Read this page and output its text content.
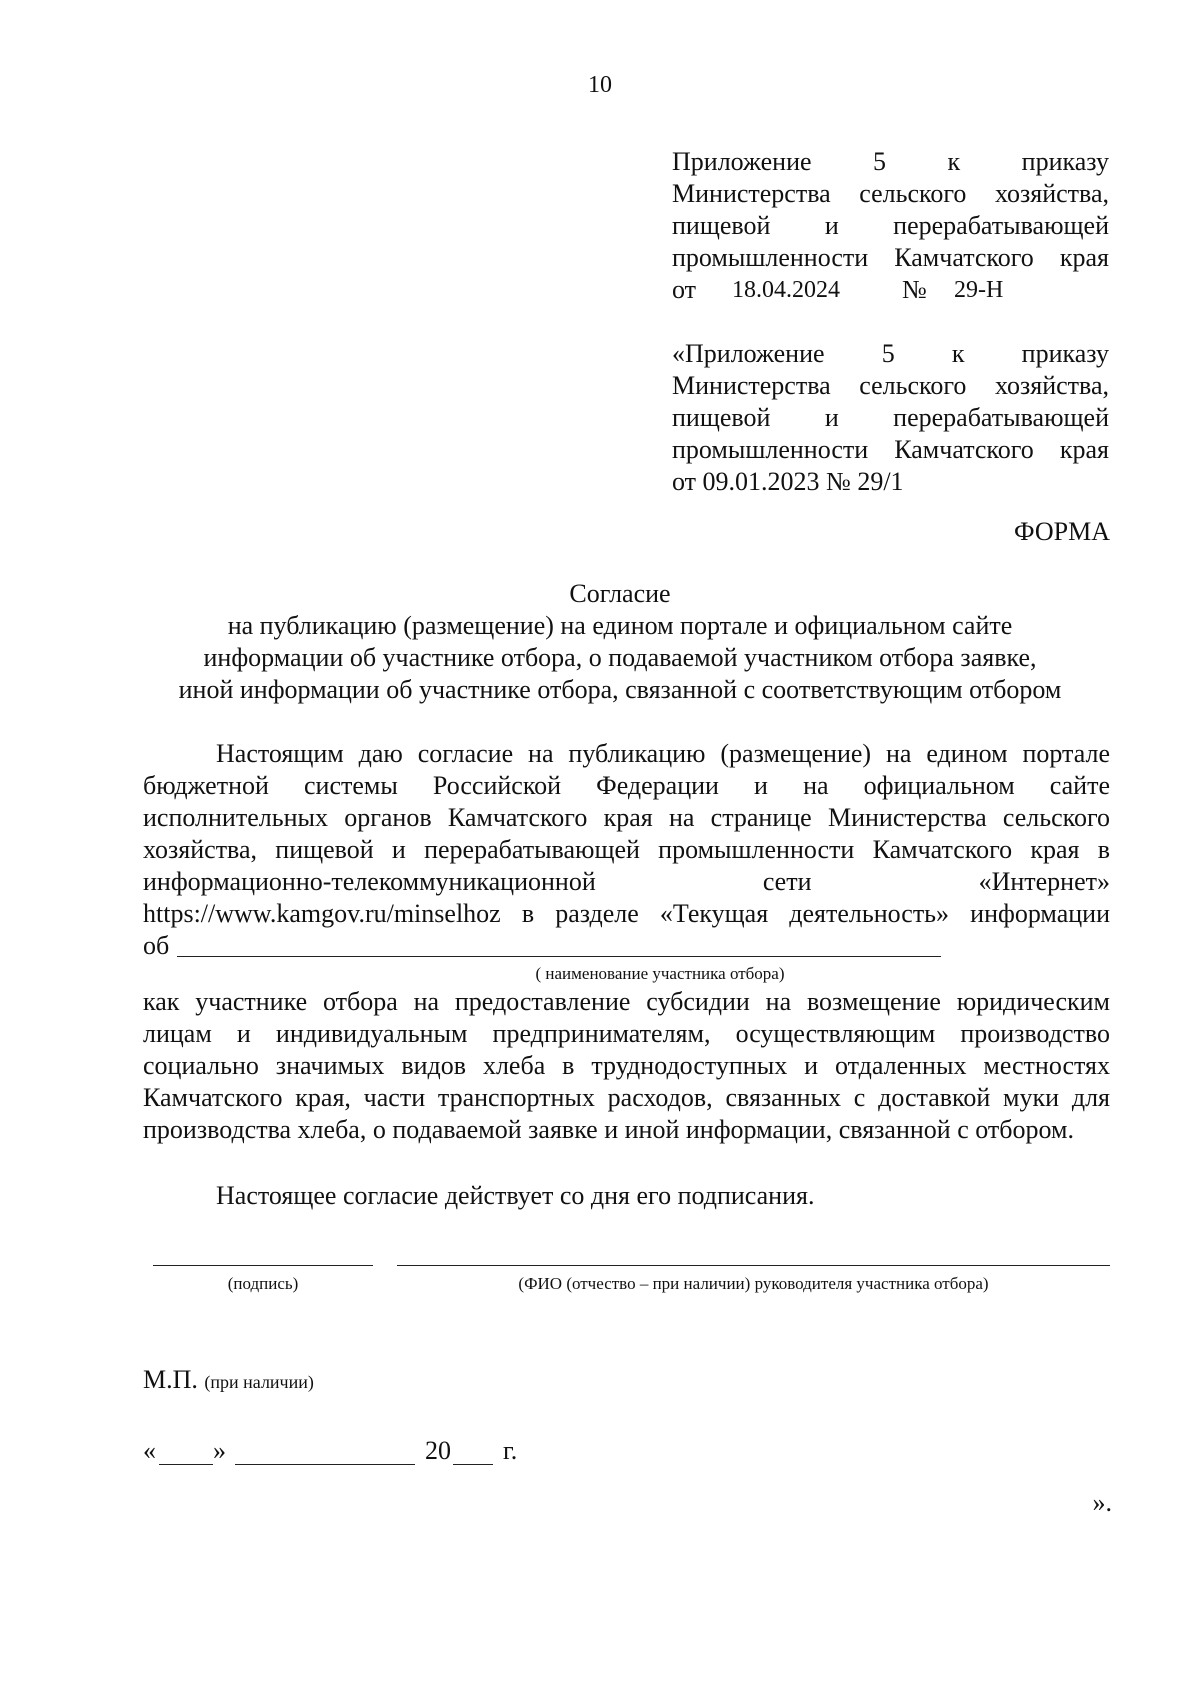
10
Приложение 5 к приказу
Министерства сельского хозяйства,
пищевой и перерабатывающей
промышленности Камчатского края
от	18.04.2024	№	29-Н
«Приложение 5 к приказу
Министерства сельского хозяйства,
пищевой и перерабатывающей
промышленности Камчатского края
от 09.01.2023 № 29/1
ФОРМА
Согласие
на публикацию (размещение) на едином портале и официальном сайте
информации об участнике отбора, о подаваемой участником отбора заявке,
иной информации об участнике отбора, связанной с соответствующим отбором
Настоящим даю согласие на публикацию (размещение) на едином портале
бюджетной системы Российской Федерации и на официальном сайте
исполнительных органов Камчатского края на странице Министерства сельского
хозяйства, пищевой и перерабатывающей промышленности Камчатского края в
информационно-телекоммуникационной сети «Интернет»
https://www.kamgov.ru/minselhoz в разделе «Текущая деятельность» информации
об
( наименование участника отбора)
как участнике отбора на предоставление субсидии на возмещение юридическим лицам и индивидуальным предпринимателям, осуществляющим производство социально значимых видов хлеба в труднодоступных и отдаленных местностях Камчатского края, части транспортных расходов, связанных с доставкой муки для производства хлеба, о подаваемой заявке и иной информации, связанной с отбором.
Настоящее согласие действует со дня его подписания.
(подпись)	(ФИО (отчество – при наличии) руководителя участника отбора)
М.П. (при наличии)
« »	20 г.
».
